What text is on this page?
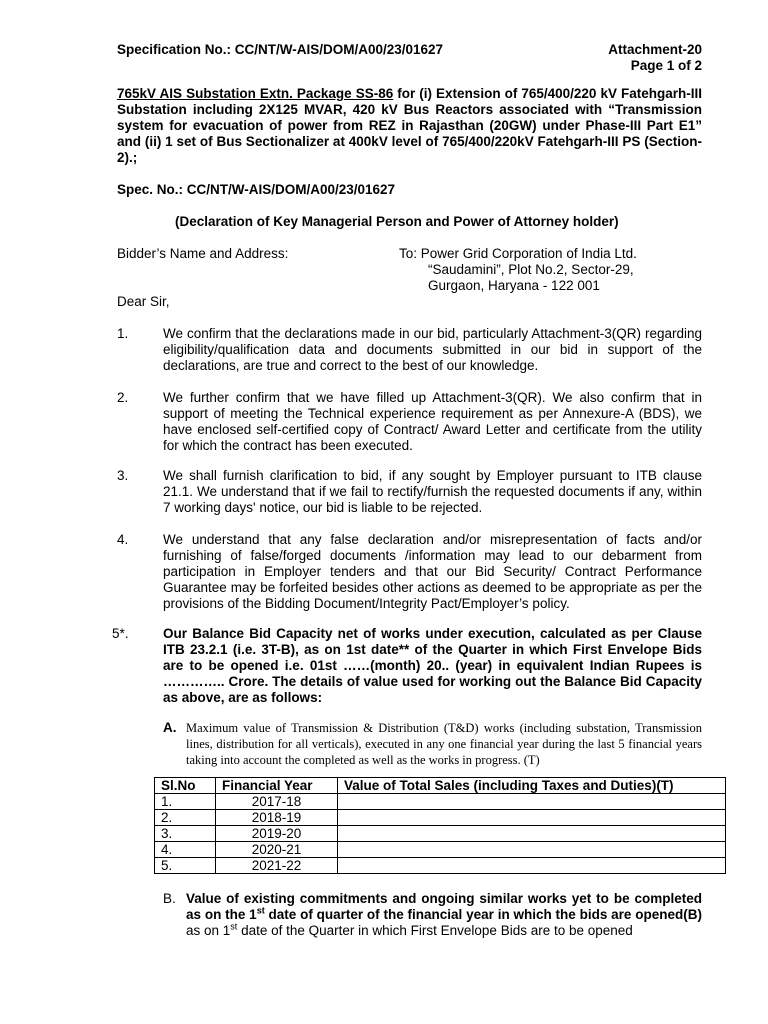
Specification No.: CC/NT/W-AIS/DOM/A00/23/01627	Attachment-20
Page 1 of 2
765kV AIS Substation Extn. Package SS-86 for (i) Extension of 765/400/220 kV Fatehgarh-III Substation including 2X125 MVAR, 420 kV Bus Reactors associated with “Transmission system for evacuation of power from REZ in Rajasthan (20GW) under Phase-III Part E1” and (ii) 1 set of Bus Sectionalizer at 400kV level of 765/400/220kV Fatehgarh-III PS (Section-2).;
Spec. No.: CC/NT/W-AIS/DOM/A00/23/01627
(Declaration of Key Managerial Person and Power of Attorney holder)
Bidder’s Name and Address:	To: Power Grid Corporation of India Ltd.
“Saudamini”, Plot No.2, Sector-29,
Gurgaon, Haryana - 122 001
Dear Sir,
1.	We confirm that the declarations made in our bid, particularly Attachment-3(QR) regarding eligibility/qualification data and documents submitted in our bid in support of the declarations, are true and correct to the best of our knowledge.
2.	We further confirm that we have filled up Attachment-3(QR). We also confirm that in support of meeting the Technical experience requirement as per Annexure-A (BDS), we have enclosed self-certified copy of Contract/ Award Letter and certificate from the utility for which the contract has been executed.
3.	We shall furnish clarification to bid, if any sought by Employer pursuant to ITB clause 21.1. We understand that if we fail to rectify/furnish the requested documents if any, within 7 working days' notice, our bid is liable to be rejected.
4.	We understand that any false declaration and/or misrepresentation of facts and/or furnishing of false/forged documents /information may lead to our debarment from participation in Employer tenders and that our Bid Security/ Contract Performance Guarantee may be forfeited besides other actions as deemed to be appropriate as per the provisions of the Bidding Document/Integrity Pact/Employer’s policy.
5*.	Our Balance Bid Capacity net of works under execution, calculated as per Clause ITB 23.2.1 (i.e. 3T-B), as on 1st date** of the Quarter in which First Envelope Bids are to be opened i.e. 01st ……(month) 20.. (year) in equivalent Indian Rupees is ………….. Crore. The details of value used for working out the Balance Bid Capacity as above, are as follows:
A. Maximum value of Transmission & Distribution (T&D) works (including substation, Transmission lines, distribution for all verticals), executed in any one financial year during the last 5 financial years taking into account the completed as well as the works in progress. (T)
Sl.No	Financial Year	Value of Total Sales (including Taxes and Duties)(T)
1.	2017-18	
2.	2018-19	
3.	2019-20	
4.	2020-21	
5.	2021-22	
B. Value of existing commitments and ongoing similar works yet to be completed as on the 1st date of quarter of the financial year in which the bids are opened(B) as on 1st date of the Quarter in which First Envelope Bids are to be opened
